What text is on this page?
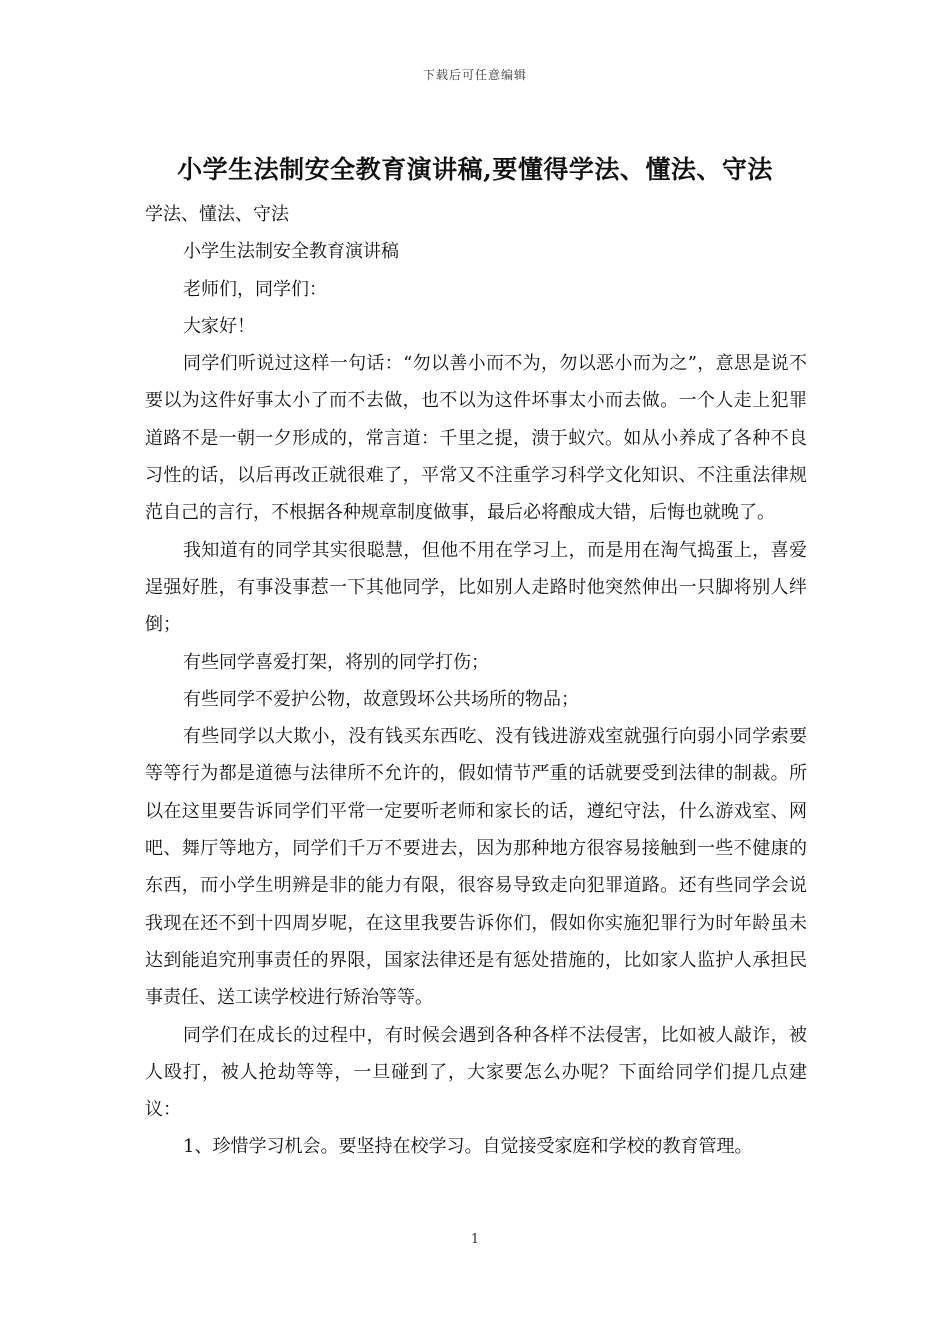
下载后可任意编辑
小学生法制安全教育演讲稿,要懂得学法、懂法、守法

学法、懂法、守法

小学生法制安全教育演讲稿

老师们，同学们：

大家好！

同学们听说过这样一句话：“勿以善小而不为，勿以恶小而为之”，意思是说不要以为这件好事太小了而不去做，也不以为这件坏事太小而去做。一个人走上犯罪道路不是一朝一夕形成的，常言道：千里之提，溃于蚁穴。如从小养成了各种不良习性的话，以后再改正就很难了，平常又不注重学习科学文化知识、不注重法律规范自己的言行，不根据各种规章制度做事，最后必将酿成大错，后悔也就晚了。

我知道有的同学其实很聪慧，但他不用在学习上，而是用在淘气捣蛋上，喜爱逞强好胜，有事没事惹一下其他同学，比如别人走路时他突然伸出一只脚将别人绊倒；

有些同学喜爱打架，将别的同学打伤；

有些同学不爱护公物，故意毁坏公共场所的物品；

有些同学以大欺小，没有钱买东西吃、没有钱进游戏室就强行向弱小同学索要等等行为都是道德与法律所不允许的，假如情节严重的话就要受到法律的制裁。所以在这里要告诉同学们平常一定要听老师和家长的话，遵纪守法，什么游戏室、网吧、舞厅等地方，同学们千万不要进去，因为那种地方很容易接触到一些不健康的东西，而小学生明辨是非的能力有限，很容易导致走向犯罪道路。还有些同学会说我现在还不到十四周岁呢，在这里我要告诉你们，假如你实施犯罪行为时年龄虽未达到能追究刑事责任的界限，国家法律还是有惩处措施的，比如家人监护人承担民事责任、送工读学校进行矫治等等。

同学们在成长的过程中，有时候会遇到各种各样不法侵害，比如被人敲诈，被人殴打，被人抢劫等等，一旦碰到了，大家要怎么办呢？下面给同学们提几点建议：

1、珍惜学习机会。要坚持在校学习。自觉接受家庭和学校的教育管理。

1
